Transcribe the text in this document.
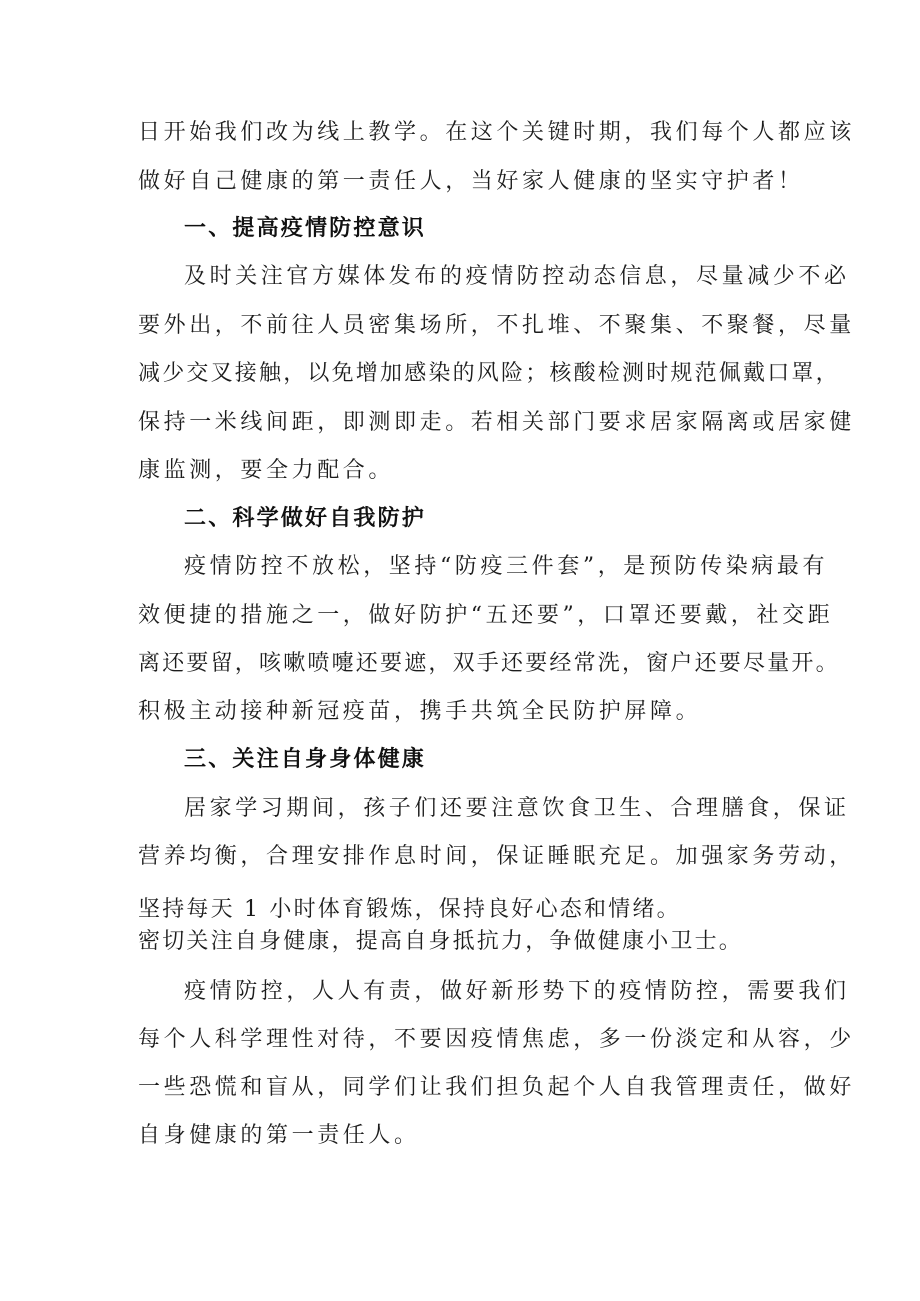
日开始我们改为线上教学。在这个关键时期，我们每个人都应该
做好自己健康的第一责任人，当好家人健康的坚实守护者！
一、提高疫情防控意识
及时关注官方媒体发布的疫情防控动态信息，尽量减少不必
要外出，不前往人员密集场所，不扎堆、不聚集、不聚餐，尽量
减少交叉接触，以免增加感染的风险；核酸检测时规范佩戴口罩，
保持一米线间距，即测即走。若相关部门要求居家隔离或居家健
康监测，要全力配合。
二、科学做好自我防护
疫情防控不放松，坚持“防疫三件套”，是预防传染病最有
效便捷的措施之一，做好防护“五还要”，口罩还要戴，社交距
离还要留，咳嗽喷嚏还要遮，双手还要经常洗，窗户还要尽量开。
积极主动接种新冠疫苗，携手共筑全民防护屏障。
三、关注自身身体健康
居家学习期间，孩子们还要注意饮食卫生、合理膳食，保证
营养均衡，合理安排作息时间，保证睡眠充足。加强家务劳动，
坚持每天 1 小时体育锻炼，保持良好心态和情绪。
密切关注自身健康，提高自身抵抗力，争做健康小卫士。
疫情防控，人人有责，做好新形势下的疫情防控，需要我们
每个人科学理性对待，不要因疫情焦虑，多一份淡定和从容，少
一些恐慌和盲从，同学们让我们担负起个人自我管理责任，做好
自身健康的第一责任人。
